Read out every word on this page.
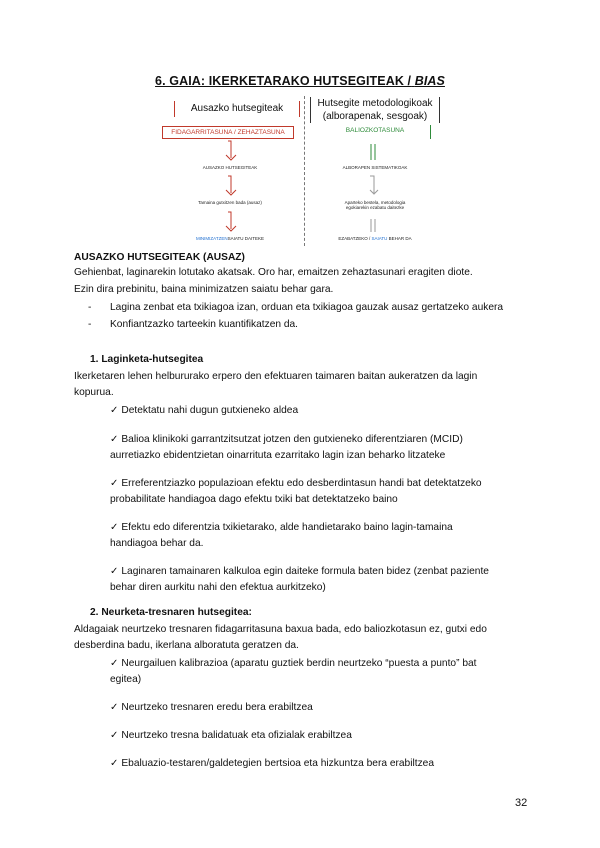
6. GAIA: IKERKETARAKO HUTSEGITEAK / BIAS
Ausazko hutsegiteak	Hutsegite metodologikoak
(alborapenak, sesgoak)
FIDAGARRITASUNA / ZEHAZTASUNA	BALIOZKOTASUNA
AUSAZKO HUTSEGITEAK
Tamaina gutxitzen bada (ausaz)
MINIMIZATZENSAIATU DAITEKE
ALBORAPEN SISTEMATIKOAK
Aparteko bestela, metodologia
egokiarekin ezabatu daitezke
EZABATZEKO / SAIATU BEHAR DA
AUSAZKO HUTSEGITEAK (AUSAZ)
Gehienbat, laginarekin lotutako akatsak. Oro har, emaitzen zehaztasunari eragiten diote.
Ezin dira prebinitu, baina minimizatzen saiatu behar gara.
- Lagina zenbat eta txikiagoa izan, orduan eta txikiagoa gauzak ausaz gertatzeko aukera
- Konfiantzazko tarteekin kuantifikatzen da.
1. Laginketa-hutsegitea
Ikerketaren lehen helbururako erpero den efektuaren taimaren baitan aukeratzen da lagin
kopurua.
✓ Detektatu nahi dugun gutxieneko aldea
✓ Balioa klinikoki garrantzitsutzat jotzen den gutxieneko diferentziaren (MCID)
aurretiazko ebidentzietan oinarrituta ezarritako lagin izan beharko litzateke
✓ Erreferentziazko populazioan efektu edo desberdintasun handi bat detektatzeko
probabilitate handiagoa dago efektu txiki bat detektatzeko baino
✓ Efektu edo diferentzia txikietarako, alde handietarako baino lagin-tamaina
handiagoa behar da.
✓ Laginaren tamainaren kalkuloa egin daiteke formula baten bidez (zenbat paziente
behar diren aurkitu nahi den efektua aurkitzeko)
2. Neurketa-tresnaren hutsegitea:
Aldagaiak neurtzeko tresnaren fidagarritasuna baxua bada, edo baliozkotasun ez, gutxi edo
desberdina badu, ikerlana alboratuta geratzen da.
✓ Neurgailuen kalibrazioa (aparatu guztiek berdin neurtzeko “puesta a punto” bat
egitea)
✓ Neurtzeko tresnaren eredu bera erabiltzea
✓ Neurtzeko tresna balidatuak eta ofizialak erabiltzea
✓ Ebaluazio-testaren/galdetegien bertsioa eta hizkuntza bera erabiltzea
32
